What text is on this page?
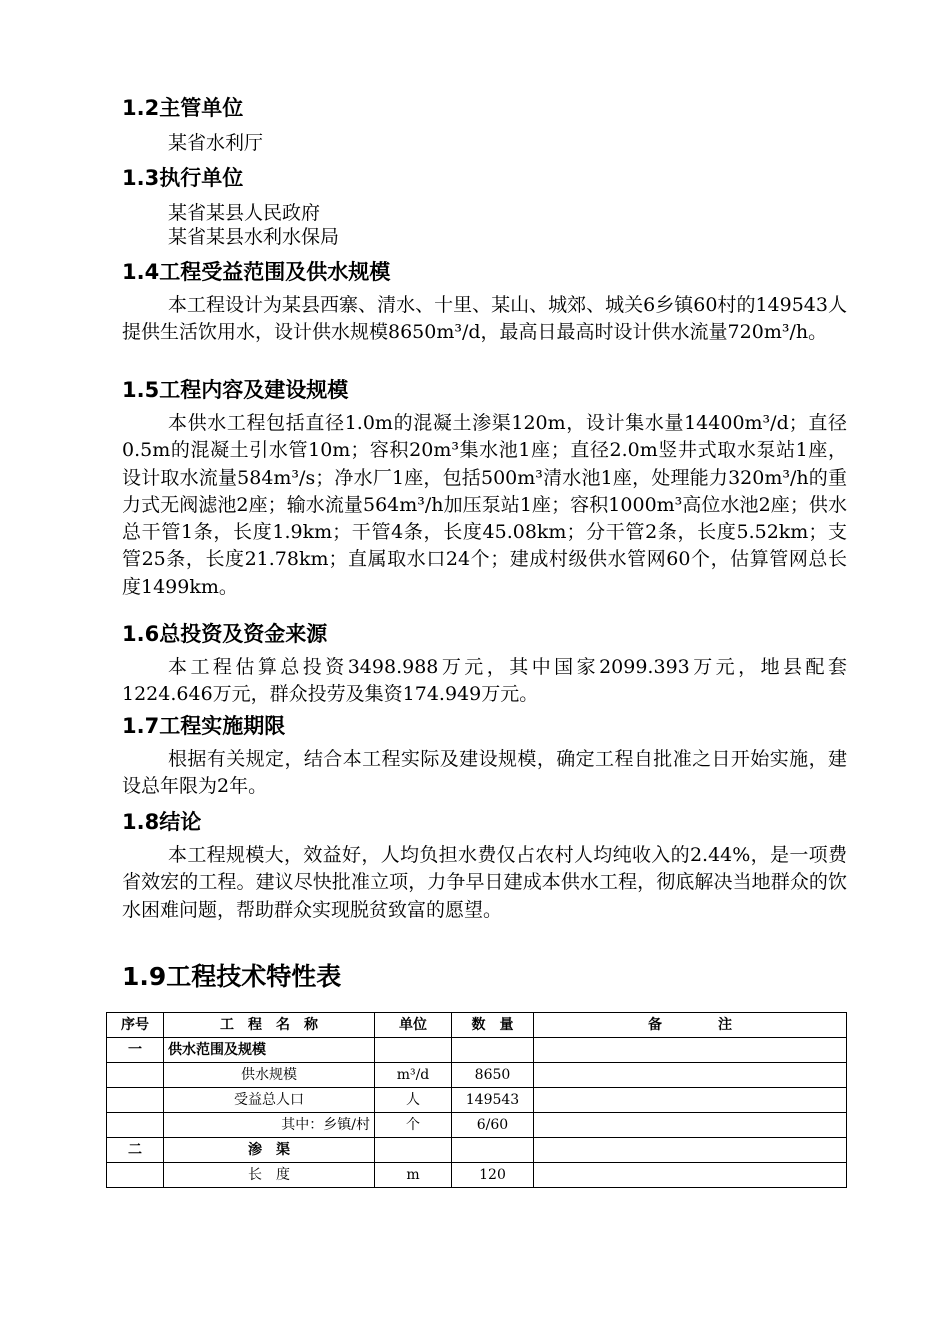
1.2主管单位

某省水利厅

1.3执行单位

某省某县人民政府

某省某县水利水保局

1.4工程受益范围及供水规模

本工程设计为某县西寨、清水、十里、某山、城郊、城关6乡镇60村的149543人提供生活饮用水，设计供水规模8650m³/d，最高日最高时设计供水流量720m³/h。

1.5工程内容及建设规模

本供水工程包括直径1.0m的混凝土渗渠120m，设计集水量14400m³/d；直径0.5m的混凝土引水管10m；容积20m³集水池1座；直径2.0m竖井式取水泵站1座，设计取水流量584m³/s；净水厂1座，包括500m³清水池1座，处理能力320m³/h的重力式无阀滤池2座；输水流量564m³/h加压泵站1座；容积1000m³高位水池2座；供水总干管1条，长度1.9km；干管4条，长度45.08km；分干管2条，长度5.52km；支管25条，长度21.78km；直属取水口24个；建成村级供水管网60个，估算管网总长度1499km。

1.6总投资及资金来源

本工程估算总投资3498.988万元，其中国家2099.393万元，地县配套1224.646万元，群众投劳及集资174.949万元。

1.7工程实施期限

根据有关规定，结合本工程实际及建设规模，确定工程自批准之日开始实施，建设总年限为2年。

1.8结论

本工程规模大，效益好，人均负担水费仅占农村人均纯收入的2.44%，是一项费省效宏的工程。建议尽快批准立项，力争早日建成本供水工程，彻底解决当地群众的饮水困难问题，帮助群众实现脱贫致富的愿望。

1.9工程技术特性表
序号	工　程　名　称	单位	数　量	备　　　　注
一	供水范围及规模			
	供水规模	m³/d	8650	
	受益总人口	人	149543	
	其中：乡镇/村	个	6/60	
二	渗　渠			
	长　度	m	120	
